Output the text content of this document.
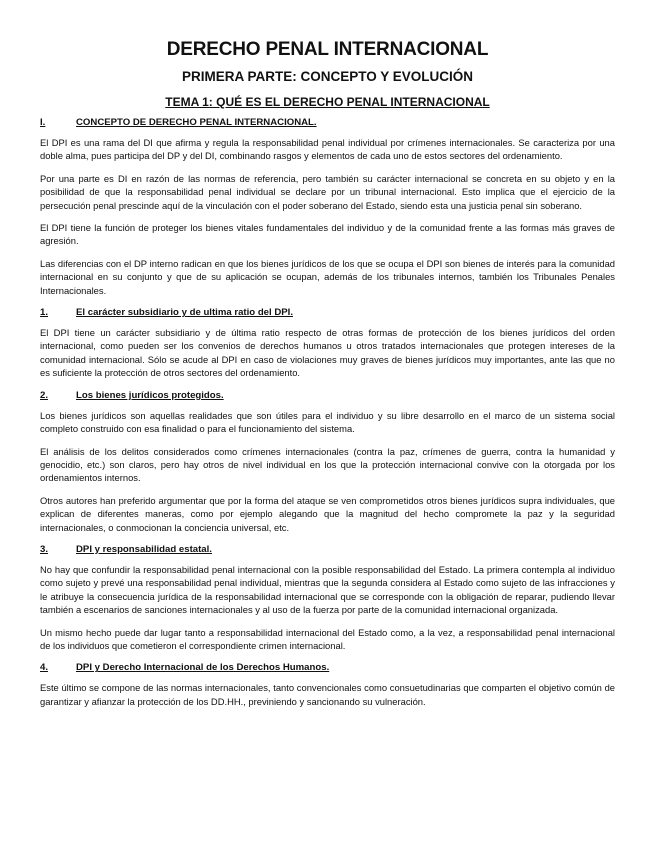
DERECHO PENAL INTERNACIONAL
PRIMERA PARTE: CONCEPTO Y EVOLUCIÓN
TEMA 1: QUÉ ES EL DERECHO PENAL INTERNACIONAL
I.	CONCEPTO DE DERECHO PENAL INTERNACIONAL.

El DPI es una rama del DI que afirma y regula la responsabilidad penal individual por crímenes internacionales. Se caracteriza por una doble alma, pues participa del DP y del DI, combinando rasgos y elementos de cada uno de estos sectores del ordenamiento.

Por una parte es DI en razón de las normas de referencia, pero también su carácter internacional se concreta en su objeto y en la posibilidad de que la responsabilidad penal individual se declare por un tribunal internacional. Esto implica que el ejercicio de la persecución penal prescinde aquí de la vinculación con el poder soberano del Estado, siendo esta una justicia penal sin soberano.

El DPI tiene la función de proteger los bienes vitales fundamentales del individuo y de la comunidad frente a las formas más graves de agresión.

Las diferencias con el DP interno radican en que los bienes jurídicos de los que se ocupa el DPI son bienes de interés para la comunidad internacional en su conjunto y que de su aplicación se ocupan, además de los tribunales internos, también los Tribunales Penales Internacionales.

1.	El carácter subsidiario y de ultima ratio del DPI.

El DPI tiene un carácter subsidiario y de última ratio respecto de otras formas de protección de los bienes jurídicos del orden internacional, como pueden ser los convenios de derechos humanos u otros tratados internacionales que protegen intereses de la comunidad internacional. Sólo se acude al DPI en caso de violaciones muy graves de bienes jurídicos muy importantes, ante las que no es suficiente la protección de otros sectores del ordenamiento.

2.	Los bienes jurídicos protegidos.

Los bienes jurídicos son aquellas realidades que son útiles para el individuo y su libre desarrollo en el marco de un sistema social completo construido con esa finalidad o para el funcionamiento del sistema.

El análisis de los delitos considerados como crímenes internacionales (contra la paz, crímenes de guerra, contra la humanidad y genocidio, etc.) son claros, pero hay otros de nivel individual en los que la protección internacional convive con la otorgada por los ordenamientos internos.

Otros autores han preferido argumentar que por la forma del ataque se ven comprometidos otros bienes jurídicos supra individuales, que explican de diferentes maneras, como por ejemplo alegando que la magnitud del hecho compromete la paz y la seguridad internacionales, o conmocionan la conciencia universal, etc.

3.	DPI y responsabilidad estatal.

No hay que confundir la responsabilidad penal internacional con la posible responsabilidad del Estado. La primera contempla al individuo como sujeto y prevé una responsabilidad penal individual, mientras que la segunda considera al Estado como sujeto de las infracciones y le atribuye la consecuencia jurídica de la responsabilidad internacional que se corresponde con la obligación de reparar, pudiendo llevar también a escenarios de sanciones internacionales y al uso de la fuerza por parte de la comunidad internacional organizada.

Un mismo hecho puede dar lugar tanto a responsabilidad internacional del Estado como, a la vez, a responsabilidad penal internacional de los individuos que cometieron el correspondiente crimen internacional.

4.	DPI y Derecho Internacional de los Derechos Humanos.

Este último se compone de las normas internacionales, tanto convencionales como consuetudinarias que comparten el objetivo común de garantizar y afianzar la protección de los DD.HH., previniendo y sancionando su vulneración.
